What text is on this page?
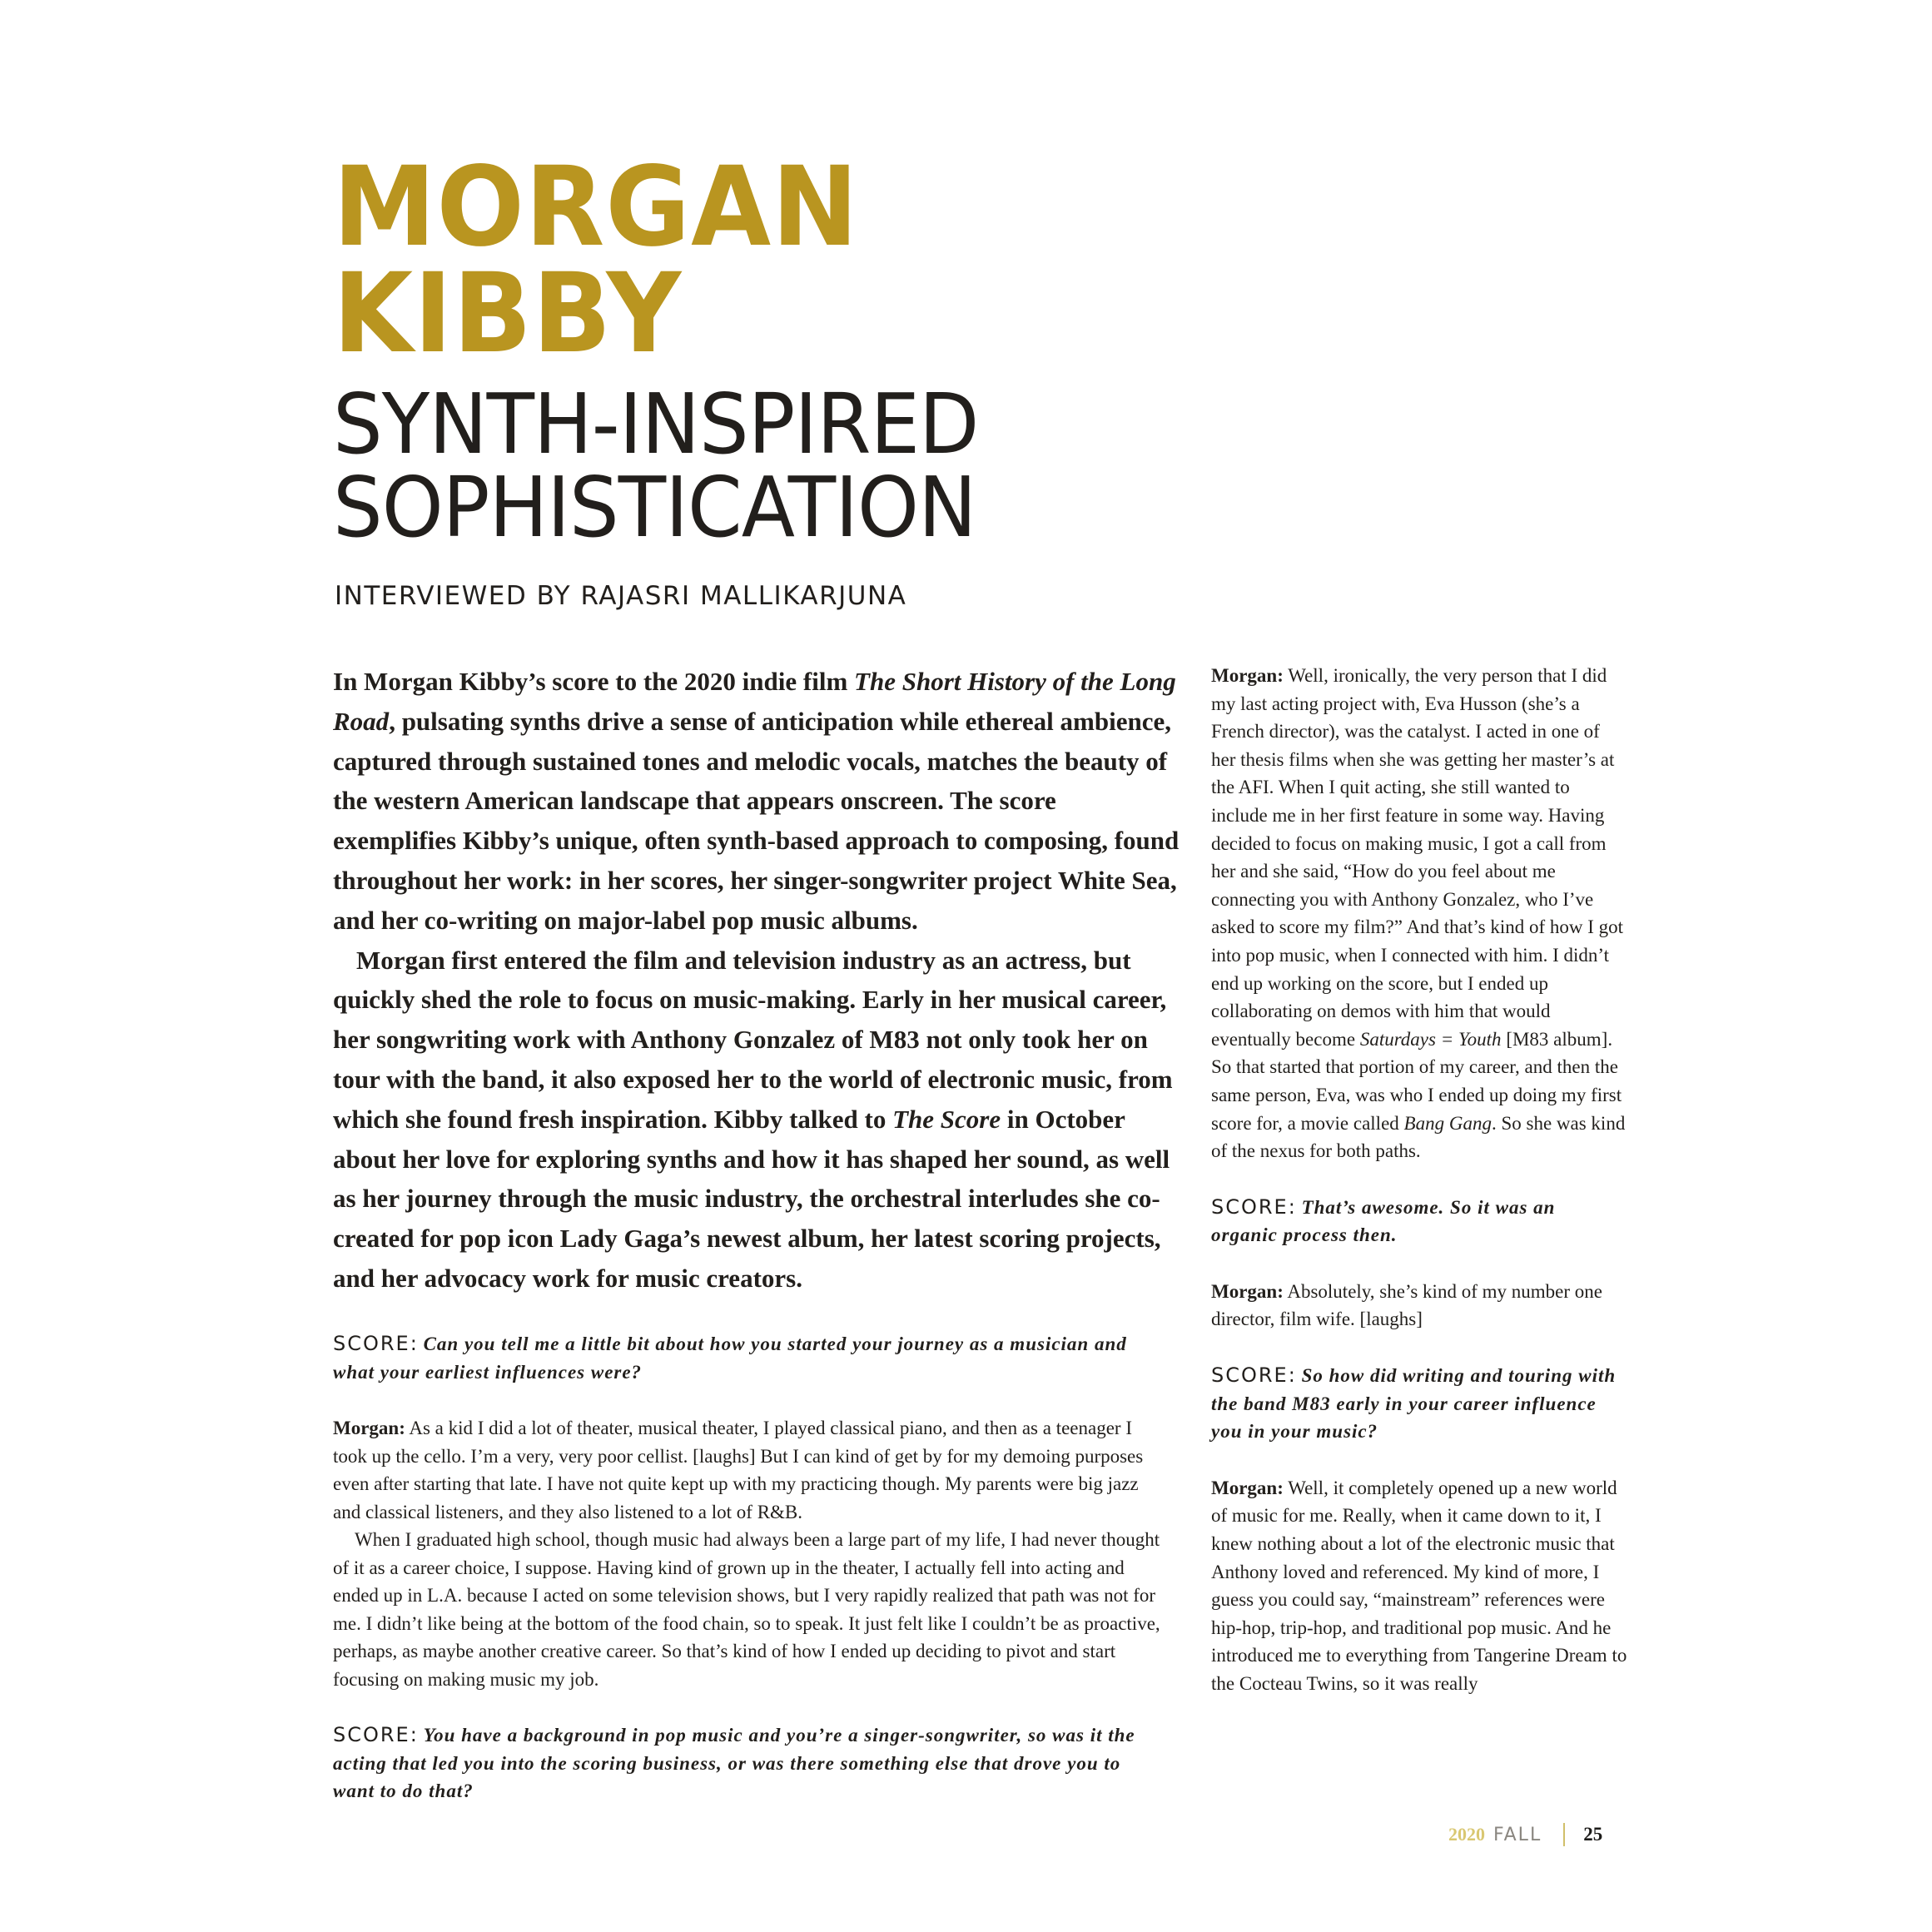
MORGAN
KIBBY
SYNTH-INSPIRED
SOPHISTICATION
INTERVIEWED BY RAJASRI MALLIKARJUNA

In Morgan Kibby’s score to the 2020 indie film The Short History of the Long Road, pulsating synths drive a sense of anticipation while ethereal ambience, captured through sustained tones and melodic vocals, matches the beauty of the western American landscape that appears onscreen. The score exemplifies Kibby’s unique, often synth-based approach to composing, found throughout her work: in her scores, her singer-songwriter project White Sea, and her co-writing on major-label pop music albums.

Morgan first entered the film and television industry as an actress, but quickly shed the role to focus on music-making. Early in her musical career, her songwriting work with Anthony Gonzalez of M83 not only took her on tour with the band, it also exposed her to the world of electronic music, from which she found fresh inspiration. Kibby talked to The Score in October about her love for exploring synths and how it has shaped her sound, as well as her journey through the music industry, the orchestral interludes she co-created for pop icon Lady Gaga’s newest album, her latest scoring projects, and her advocacy work for music creators.

SCORE: Can you tell me a little bit about how you started your journey as a musician and what your earliest influences were?

Morgan: As a kid I did a lot of theater, musical theater, I played classical piano, and then as a teenager I took up the cello. I’m a very, very poor cellist. [laughs] But I can kind of get by for my demoing purposes even after starting that late. I have not quite kept up with my practicing though. My parents were big jazz and classical listeners, and they also listened to a lot of R&B.

When I graduated high school, though music had always been a large part of my life, I had never thought of it as a career choice, I suppose. Having kind of grown up in the theater, I actually fell into acting and ended up in L.A. because I acted on some television shows, but I very rapidly realized that path was not for me. I didn’t like being at the bottom of the food chain, so to speak. It just felt like I couldn’t be as proactive, perhaps, as maybe another creative career. So that’s kind of how I ended up deciding to pivot and start focusing on making music my job.

SCORE: You have a background in pop music and you’re a singer-songwriter, so was it the acting that led you into the scoring business, or was there something else that drove you to want to do that?

Morgan: Well, ironically, the very person that I did my last acting project with, Eva Husson (she’s a French director), was the catalyst. I acted in one of her thesis films when she was getting her master’s at the AFI. When I quit acting, she still wanted to include me in her first feature in some way. Having decided to focus on making music, I got a call from her and she said, “How do you feel about me connecting you with Anthony Gonzalez, who I’ve asked to score my film?” And that’s kind of how I got into pop music, when I connected with him. I didn’t end up working on the score, but I ended up collaborating on demos with him that would eventually become Saturdays = Youth [M83 album]. So that started that portion of my career, and then the same person, Eva, was who I ended up doing my first score for, a movie called Bang Gang. So she was kind of the nexus for both paths.

SCORE: That’s awesome. So it was an organic process then.

Morgan: Absolutely, she’s kind of my number one director, film wife. [laughs]

SCORE: So how did writing and touring with the band M83 early in your career influence you in your music?

Morgan: Well, it completely opened up a new world of music for me. Really, when it came down to it, I knew nothing about a lot of the electronic music that Anthony loved and referenced. My kind of more, I guess you could say, “mainstream” references were hip-hop, trip-hop, and traditional pop music. And he introduced me to everything from Tangerine Dream to the Cocteau Twins, so it was really

2020 FALL 25
